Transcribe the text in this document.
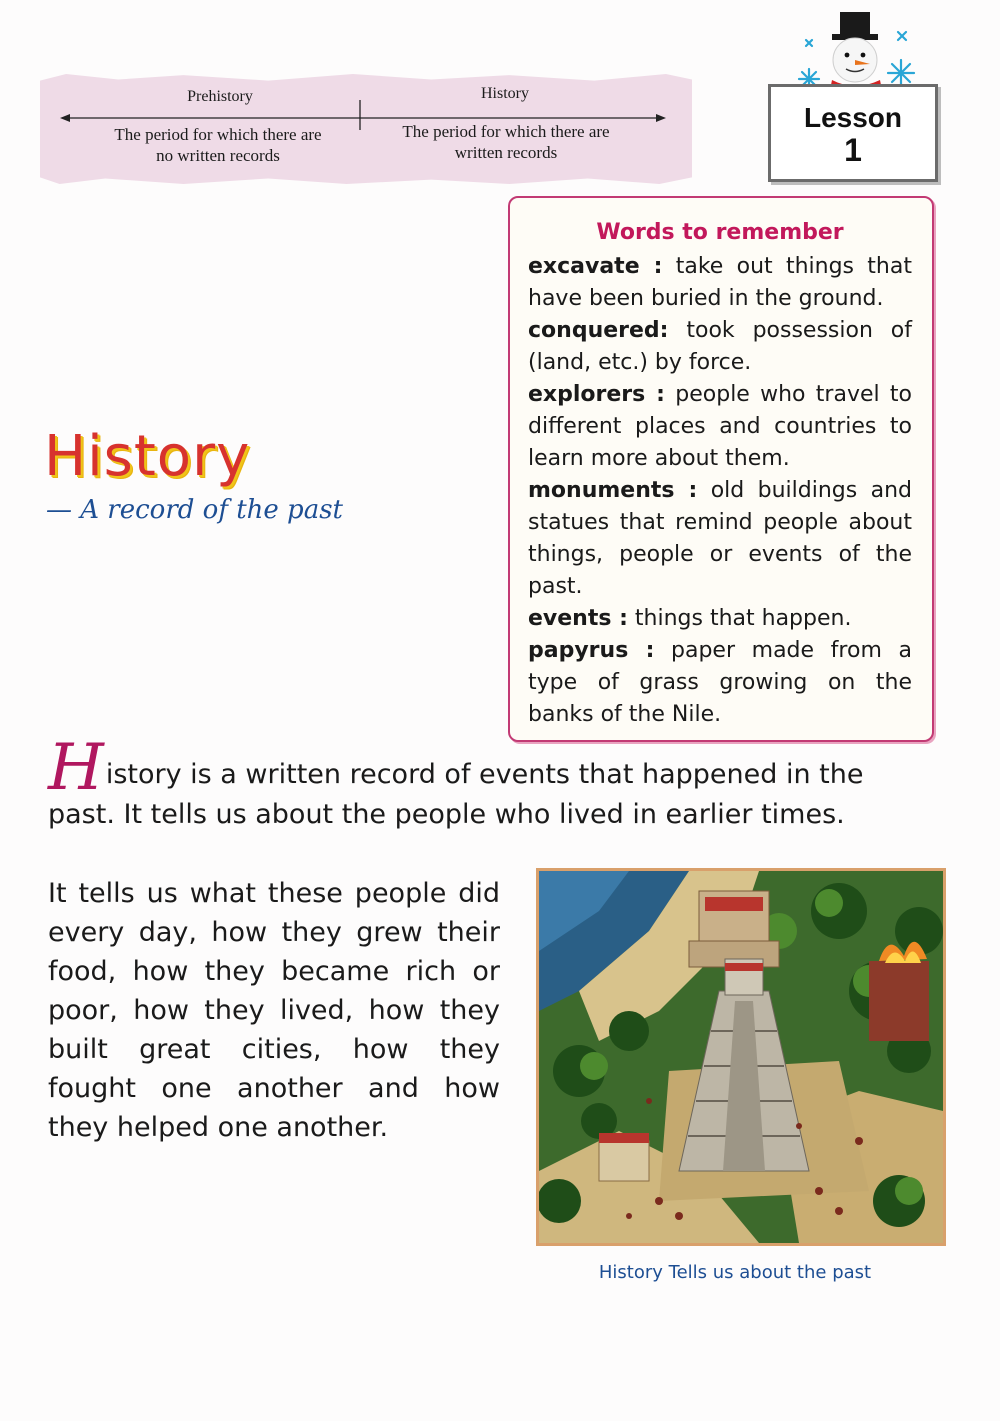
Prehistory	History
The period for which there are
no written records
The period for which there are
written records
Lesson
1
History
— A record of the past
Words to remember
excavate : take out things that have been buried in the ground.
conquered: took possession of (land, etc.) by force.
explorers : people who travel to different places and countries to learn more about them.
monuments : old buildings and statues that remind people about things, people or events of the past.
events : things that happen.
papyrus : paper made from a type of grass growing on the banks of the Nile.
History is a written record of events that happened in the past. It tells us about the people who lived in earlier times.
It tells us what these people did every day, how they grew their food, how they became rich or poor, how they lived, how they built great cities, how they fought one another and how they helped one another.
History Tells us about the past
